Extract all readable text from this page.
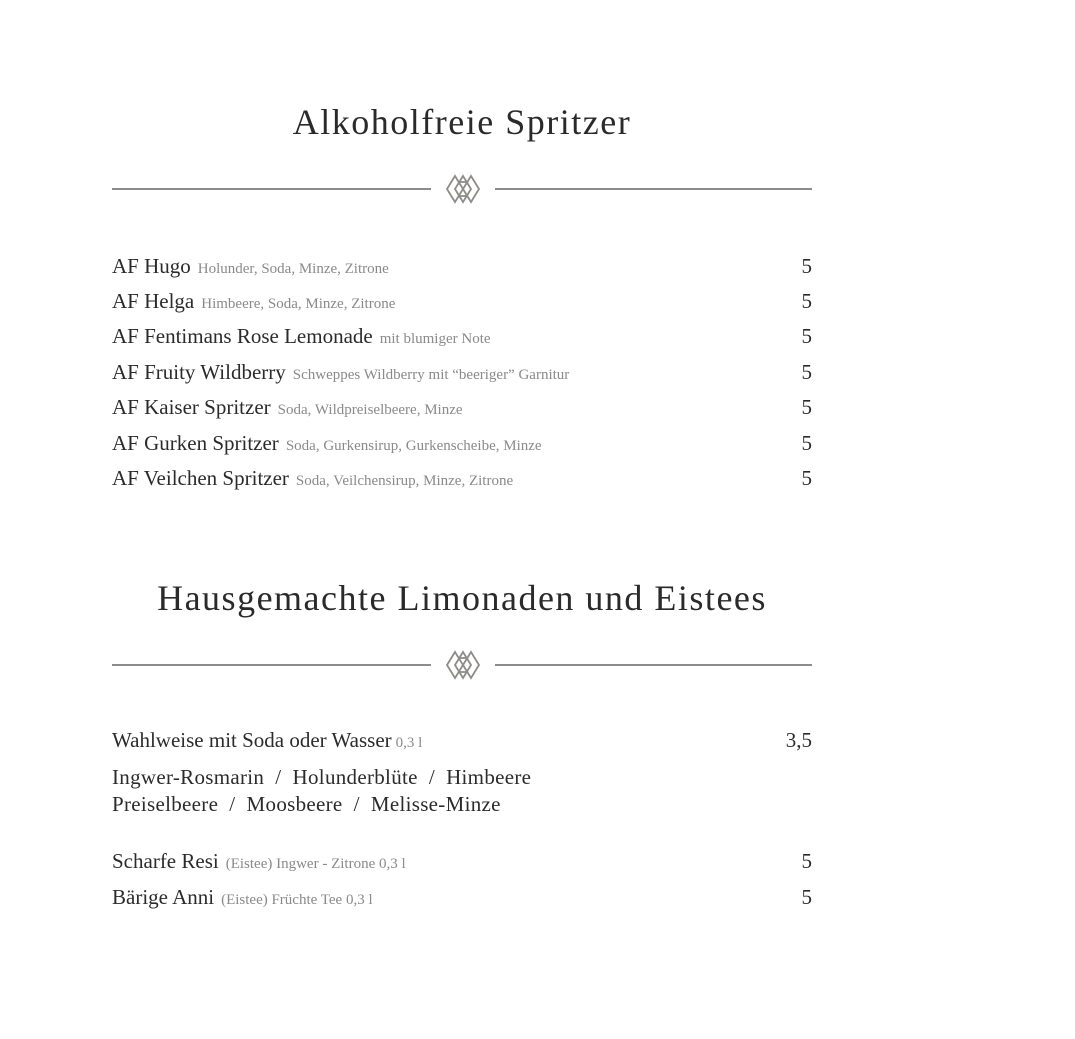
Alkoholfreie Spritzer
AF Hugo Holunder, Soda, Minze, Zitrone	5
AF Helga Himbeere, Soda, Minze, Zitrone	5
AF Fentimans Rose Lemonade mit blumiger Note	5
AF Fruity Wildberry Schweppes Wildberry mit “beeriger” Garnitur	5
AF Kaiser Spritzer Soda, Wildpreiselbeere, Minze	5
AF Gurken Spritzer Soda, Gurkensirup, Gurkenscheibe, Minze	5
AF Veilchen Spritzer Soda, Veilchensirup, Minze, Zitrone	5
Hausgemachte Limonaden und Eistees
Wahlweise mit Soda oder Wasser 0,3 l	3,5
Ingwer-Rosmarin  /  Holunderblüte  /  Himbeere
Preiselbeere  /  Moosbeere  /  Melisse-Minze
Scharfe Resi (Eistee) Ingwer - Zitrone 0,3 l	5
Bärige Anni (Eistee) Früchte Tee 0,3 l	5
